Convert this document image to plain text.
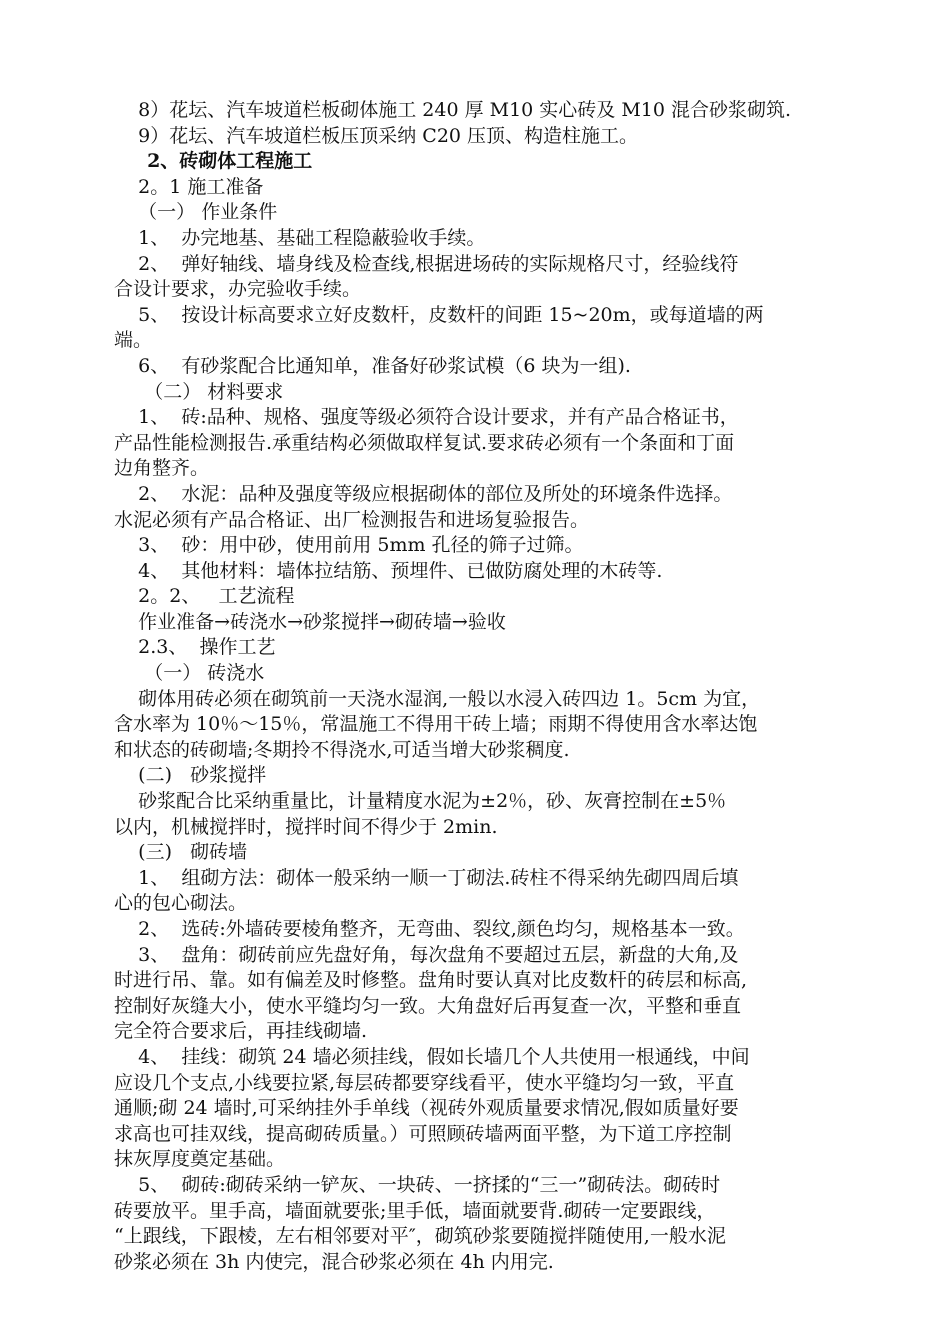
8）花坛、汽车坡道栏板砌体施工 240 厚 M10 实心砖及 M10 混合砂浆砌筑.
9）花坛、汽车坡道栏板压顶采纳 C20 压顶、构造柱施工。
2、砖砌体工程施工
2。1 施工准备
（一） 作业条件
1、  办完地基、基础工程隐蔽验收手续。
2、  弹好轴线、墙身线及检查线,根据进场砖的实际规格尺寸，经验线符
合设计要求，办完验收手续。
5、  按设计标高要求立好皮数杆，皮数杆的间距 15~20m，或每道墙的两
端。
6、  有砂浆配合比通知单，准备好砂浆试模（6 块为一组).
（二） 材料要求
1、  砖:品种、规格、强度等级必须符合设计要求，并有产品合格证书，
产品性能检测报告.承重结构必须做取样复试.要求砖必须有一个条面和丁面
边角整齐。
2、  水泥：品种及强度等级应根据砌体的部位及所处的环境条件选择。
水泥必须有产品合格证、出厂检测报告和进场复验报告。
3、  砂：用中砂，使用前用 5mm 孔径的筛子过筛。
4、  其他材料：墙体拉结筋、预埋件、已做防腐处理的木砖等.
2。2、   工艺流程
作业准备→砖浇水→砂浆搅拌→砌砖墙→验收
2.3、  操作工艺
（一） 砖浇水
砌体用砖必须在砌筑前一天浇水湿润,一般以水浸入砖四边 1。5cm 为宜，
含水率为 10％～15％，常温施工不得用干砖上墙；雨期不得使用含水率达饱
和状态的砖砌墙;冬期拎不得浇水,可适当增大砂浆稠度.
(二)   砂浆搅拌
砂浆配合比采纳重量比，计量精度水泥为±2％，砂、灰膏控制在±5％
以内，机械搅拌时，搅拌时间不得少于 2min.
(三)   砌砖墙
1、  组砌方法：砌体一般采纳一顺一丁砌法.砖柱不得采纳先砌四周后填
心的包心砌法。
2、  选砖:外墙砖要棱角整齐，无弯曲、裂纹,颜色均匀，规格基本一致。
3、  盘角：砌砖前应先盘好角，每次盘角不要超过五层，新盘的大角,及
时进行吊、靠。如有偏差及时修整。盘角时要认真对比皮数杆的砖层和标高,
控制好灰缝大小，使水平缝均匀一致。大角盘好后再复查一次，平整和垂直
完全符合要求后，再挂线砌墙.
4、  挂线：砌筑 24 墙必须挂线，假如长墙几个人共使用一根通线，中间
应设几个支点,小线要拉紧,每层砖都要穿线看平，使水平缝均匀一致，平直
通顺;砌 24 墙时,可采纳挂外手单线（视砖外观质量要求情况,假如质量好要
求高也可挂双线，提高砌砖质量。）可照顾砖墙两面平整，为下道工序控制
抹灰厚度奠定基础。
5、  砌砖:砌砖采纳一铲灰、一块砖、一挤揉的“三一”砌砖法。砌砖时
砖要放平。里手高，墙面就要张;里手低，墙面就要背.砌砖一定要跟线，
“上跟线，下跟棱，左右相邻要对平″，砌筑砂浆要随搅拌随使用,一般水泥
砂浆必须在 3h 内使完，混合砂浆必须在 4h 内用完.
